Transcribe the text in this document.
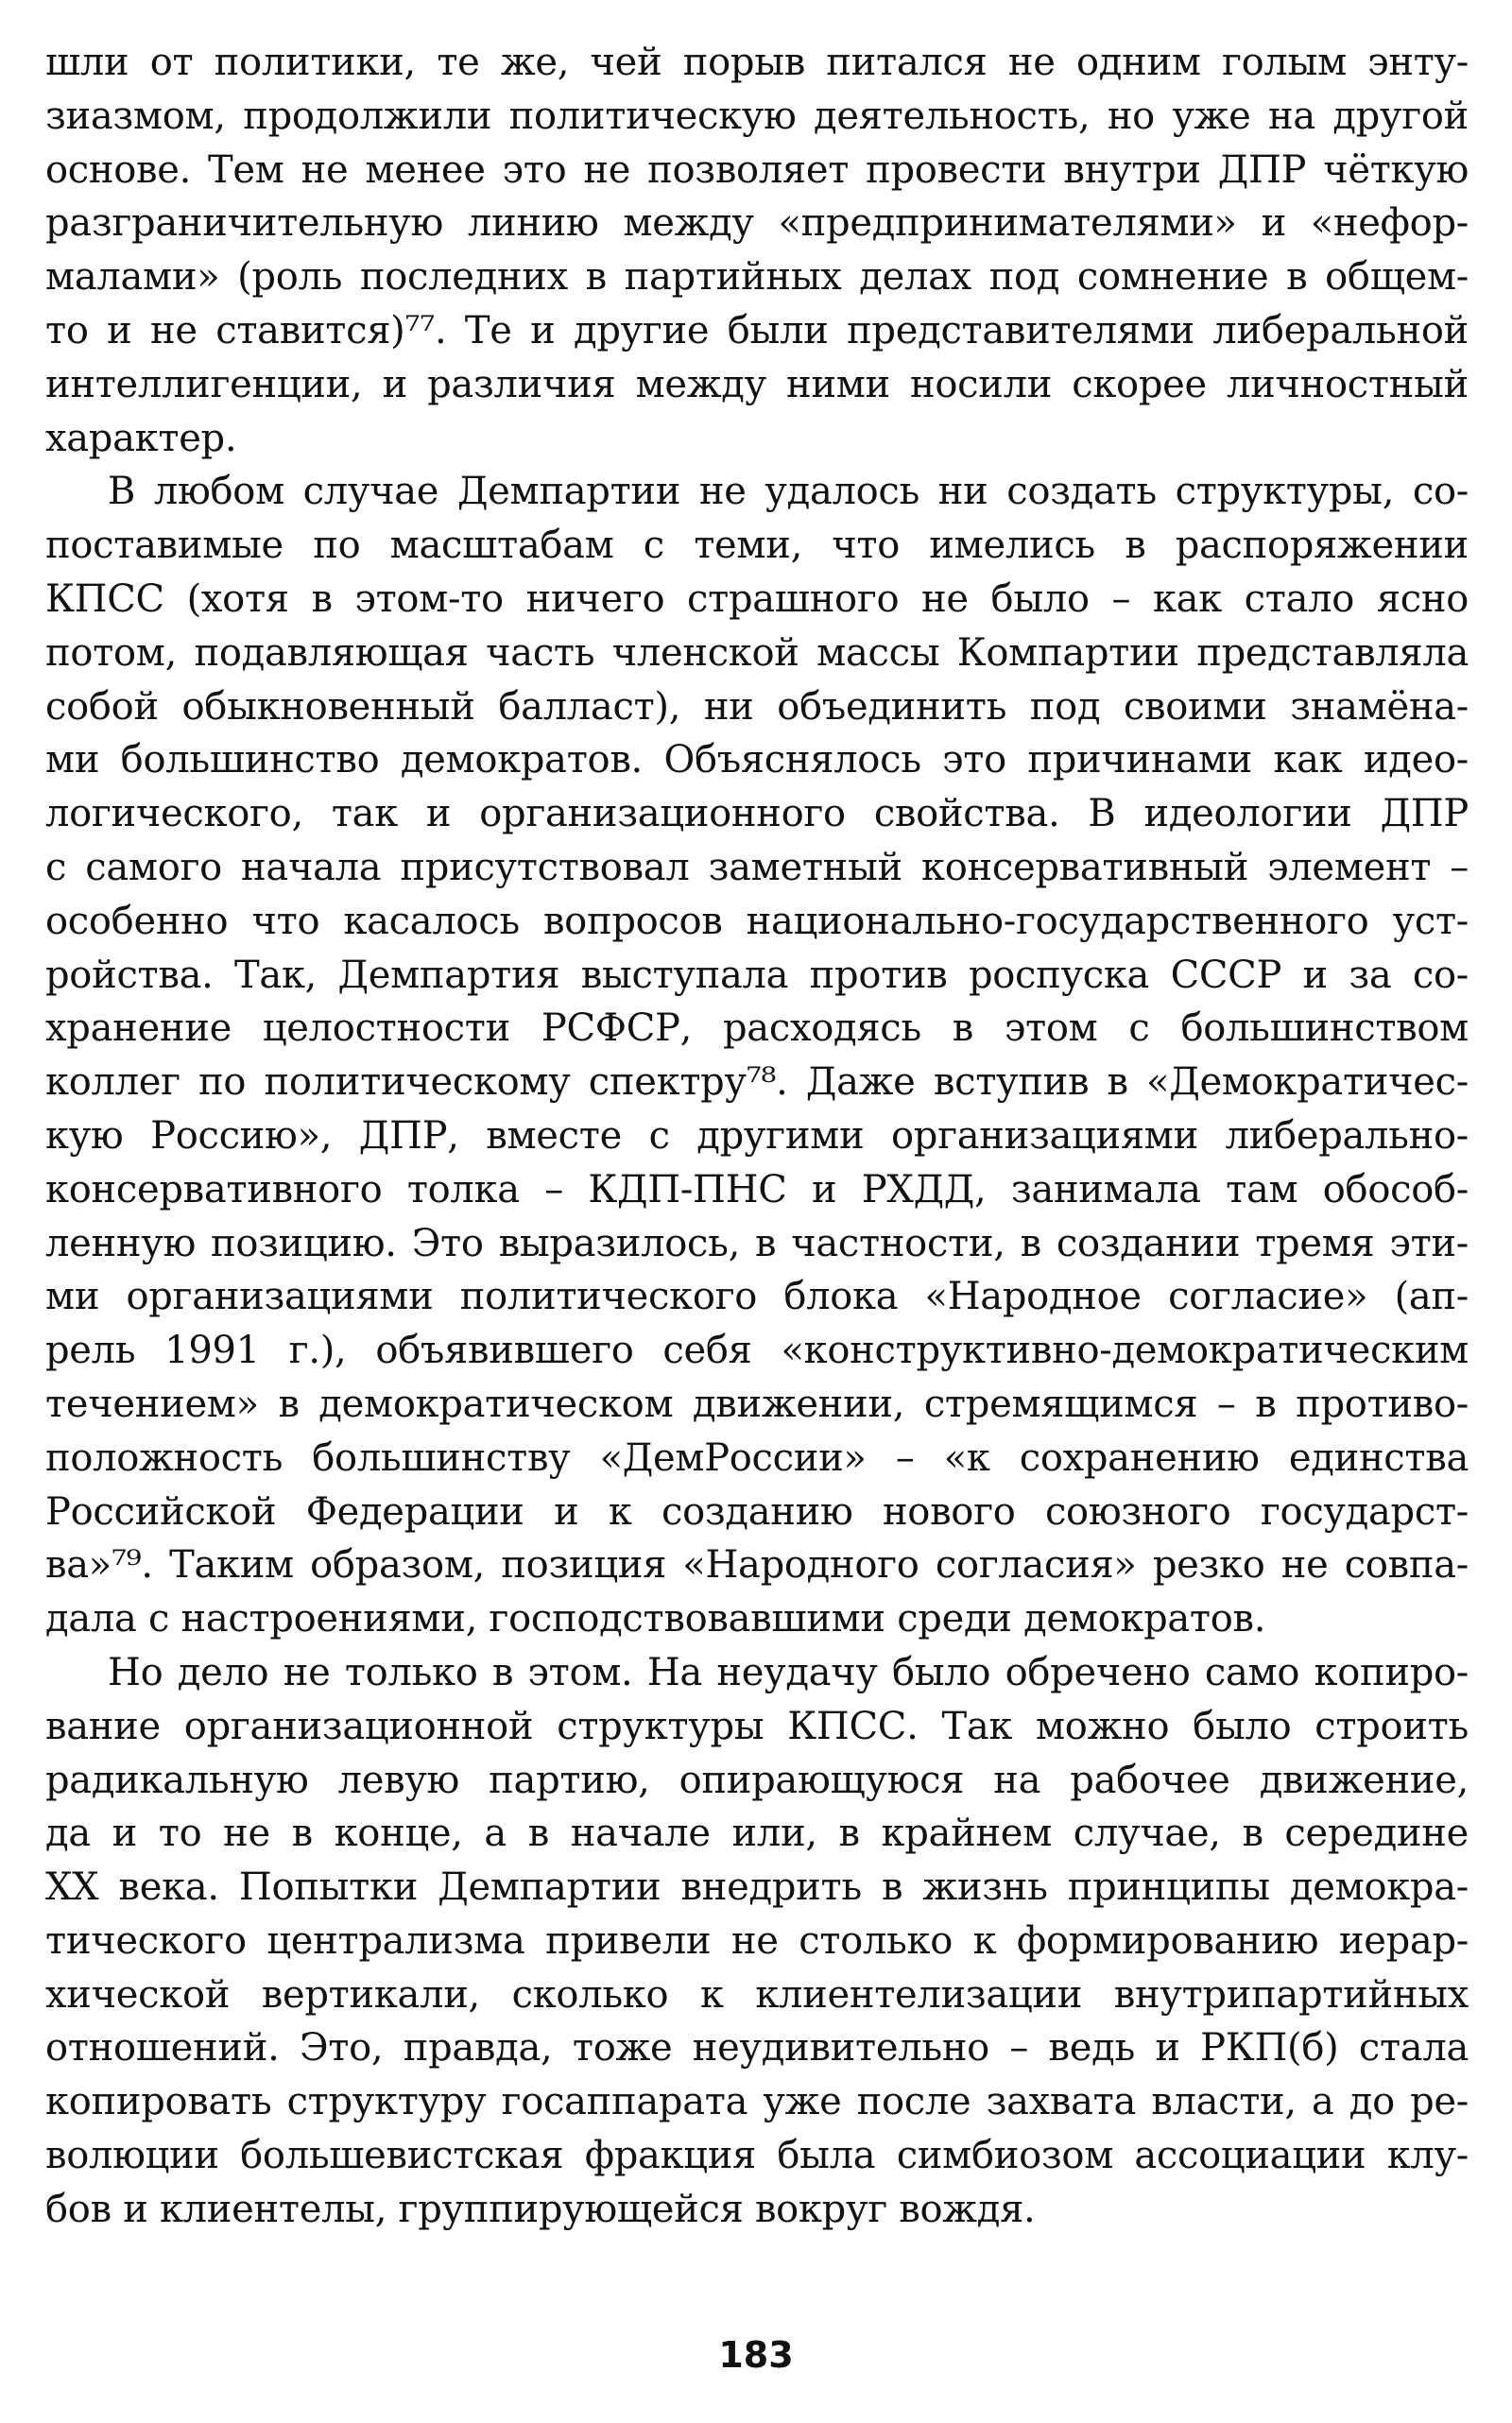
шли от политики, те же, чей порыв питался не одним голым энту-
зиазмом, продолжили политическую деятельность, но уже на другой
основе. Тем не менее это не позволяет провести внутри ДПР чёткую
разграничительную линию между «предпринимателями» и «нефор-
малами» (роль последних в партийных делах под сомнение в общем-
то и не ставится)⁷⁷. Те и другие были представителями либеральной
интеллигенции, и различия между ними носили скорее личностный
характер.
В любом случае Демпартии не удалось ни создать структуры, со-
поставимые по масштабам с теми, что имелись в распоряжении
КПСС (хотя в этом-то ничего страшного не было – как стало ясно
потом, подавляющая часть членской массы Компартии представляла
собой обыкновенный балласт), ни объединить под своими знамёна-
ми большинство демократов. Объяснялось это причинами как идео-
логического, так и организационного свойства. В идеологии ДПР
с самого начала присутствовал заметный консервативный элемент –
особенно что касалось вопросов национально-государственного уст-
ройства. Так, Демпартия выступала против роспуска СССР и за со-
хранение целостности РСФСР, расходясь в этом с большинством
коллег по политическому спектру⁷⁸. Даже вступив в «Демократичес-
кую Россию», ДПР, вместе с другими организациями либерально-
консервативного толка – КДП-ПНС и РХДД, занимала там обособ-
ленную позицию. Это выразилось, в частности, в создании тремя эти-
ми организациями политического блока «Народное согласие» (ап-
рель 1991 г.), объявившего себя «конструктивно-демократическим
течением» в демократическом движении, стремящимся – в противо-
положность большинству «ДемРоссии» – «к сохранению единства
Российской Федерации и к созданию нового союзного государст-
ва»⁷⁹. Таким образом, позиция «Народного согласия» резко не совпа-
дала с настроениями, господствовавшими среди демократов.
Но дело не только в этом. На неудачу было обречено само копиро-
вание организационной структуры КПСС. Так можно было строить
радикальную левую партию, опирающуюся на рабочее движение,
да и то не в конце, а в начале или, в крайнем случае, в середине
XX века. Попытки Демпартии внедрить в жизнь принципы демокра-
тического централизма привели не столько к формированию иерар-
хической вертикали, сколько к клиентелизации внутрипартийных
отношений. Это, правда, тоже неудивительно – ведь и РКП(б) стала
копировать структуру госаппарата уже после захвата власти, а до ре-
волюции большевистская фракция была симбиозом ассоциации клу-
бов и клиентелы, группирующейся вокруг вождя.
183
